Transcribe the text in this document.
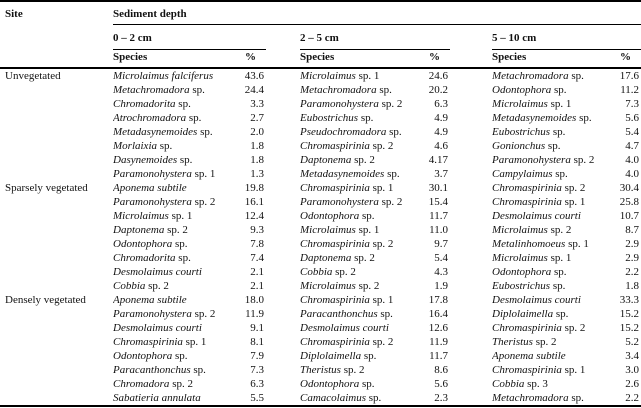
Site	Sediment depth							
	0 – 2 cm			2 – 5 cm			5 – 10 cm	
	Species	%		Species	%		Species	%
Unvegetated	Microlaimus falciferus	43.6		Microlaimus sp. 1	24.6		Metachromadora sp.	17.6
	Metachromadora sp.	24.4		Metachromadora sp.	20.2		Odontophora sp.	11.2
	Chromadorita sp.	3.3		Paramonohystera sp. 2	6.3		Microlaimus sp. 1	7.3
	Atrochromadora sp.	2.7		Eubostrichus sp.	4.9		Metadasynemoides sp.	5.6
	Metadasynemoides sp.	2.0		Pseudochromadora sp.	4.9		Eubostrichus sp.	5.4
	Morlaixia sp.	1.8		Chromaspirinia sp. 2	4.6		Gonionchus sp.	4.7
	Dasynemoides sp.	1.8		Daptonema sp. 2	4.17		Paramonohystera sp. 2	4.0
	Paramonohystera sp. 1	1.3		Metadasynemoides sp.	3.7		Campylaimus sp.	4.0
Sparsely vegetated	Aponema subtile	19.8		Chromaspirinia sp. 1	30.1		Chromaspirinia sp. 2	30.4
	Paramonohystera sp. 2	16.1		Paramonohystera sp. 2	15.4		Chromaspirinia sp. 1	25.8
	Microlaimus sp. 1	12.4		Odontophora sp.	11.7		Desmolaimus courti	10.7
	Daptonema sp. 2	9.3		Microlaimus sp. 1	11.0		Microlaimus sp. 2	8.7
	Odontophora sp.	7.8		Chromaspirinia sp. 2	9.7		Metalinhomoeus sp. 1	2.9
	Chromadorita sp.	7.4		Daptonema sp. 2	5.4		Microlaimus sp. 1	2.9
	Desmolaimus courti	2.1		Cobbia sp. 2	4.3		Odontophora sp.	2.2
	Cobbia sp. 2	2.1		Microlaimus sp. 2	1.9		Eubostrichus sp.	1.8
Densely vegetated	Aponema subtile	18.0		Chromaspirinia sp. 1	17.8		Desmolaimus courti	33.3
	Paramonohystera sp. 2	11.9		Paracanthonchus sp.	16.4		Diplolaimella sp.	15.2
	Desmolaimus courti	9.1		Desmolaimus courti	12.6		Chromaspirinia sp. 2	15.2
	Chromaspirinia sp. 1	8.1		Chromaspirinia sp. 2	11.9		Theristus sp. 2	5.2
	Odontophora sp.	7.9		Diplolaimella sp.	11.7		Aponema subtile	3.4
	Paracanthonchus sp.	7.3		Theristus sp. 2	8.6		Chromaspirinia sp. 1	3.0
	Chromadora sp. 2	6.3		Odontophora sp.	5.6		Cobbia sp. 3	2.6
	Sabatieria annulata	5.5		Camacolaimus sp.	2.3		Metachromadora sp.	2.2
